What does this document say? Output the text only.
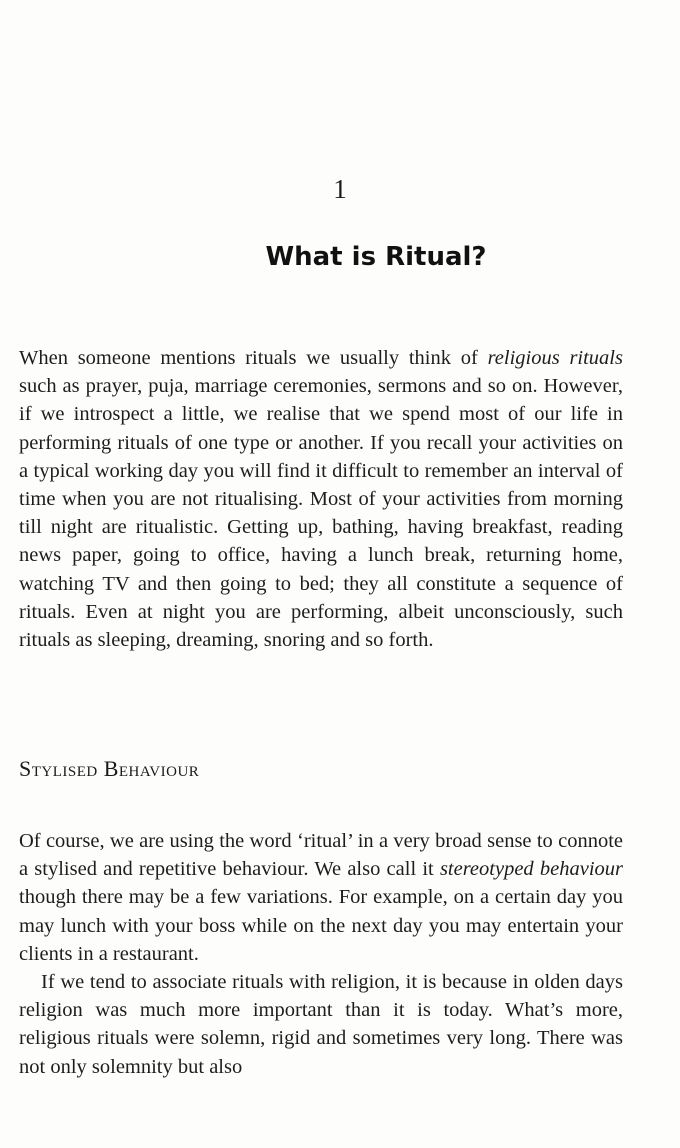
1
What is Ritual?

When someone mentions rituals we usually think of religious rituals such as prayer, puja, marriage ceremonies, sermons and so on. However, if we introspect a little, we realise that we spend most of our life in performing rituals of one type or another. If you recall your activities on a typical working day you will find it difficult to remember an interval of time when you are not ritualising. Most of your activities from morning till night are ritualistic. Getting up, bathing, having breakfast, reading news paper, going to office, having a lunch break, returning home, watching TV and then going to bed; they all constitute a sequence of rituals. Even at night you are performing, albeit unconsciously, such rituals as sleeping, dreaming, snoring and so forth.

Stylised Behaviour

Of course, we are using the word ‘ritual’ in a very broad sense to connote a stylised and repetitive behaviour. We also call it stereotyped behaviour though there may be a few variations. For example, on a certain day you may lunch with your boss while on the next day you may entertain your clients in a restaurant.

If we tend to associate rituals with religion, it is because in olden days religion was much more important than it is today. What’s more, religious rituals were solemn, rigid and sometimes very long. There was not only solemnity but also
